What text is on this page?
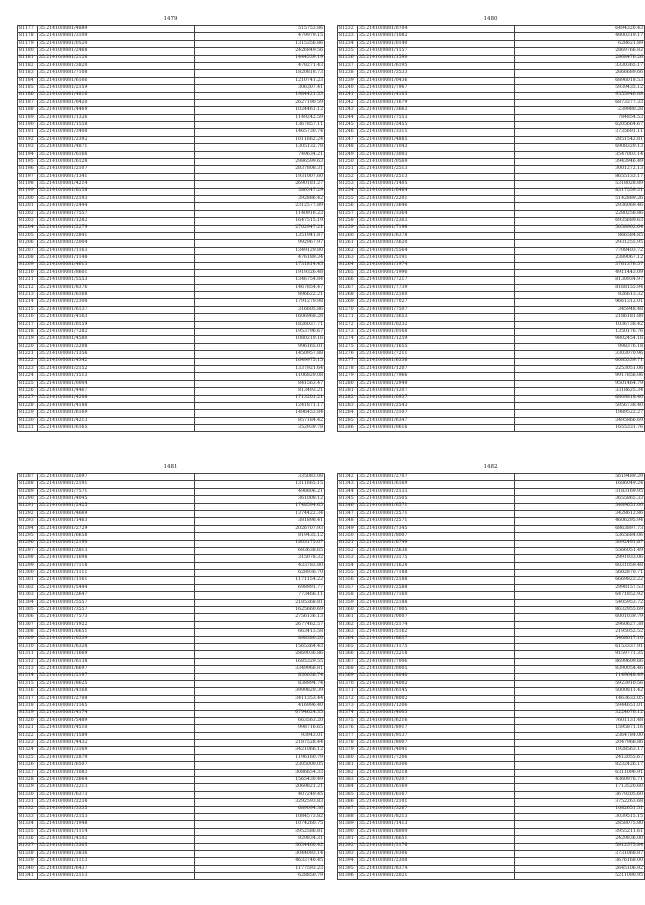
1479
81177	35.21410/0081/4889	515753.86
81178	35.21410/0081/3109	479979.15
81179	35.21410/0081/0520	1315356.86
81180	35.21410/0081/2468	2426849.56
81181	35.21410/0081/2128	1444339.19
81182	35.21410/0081/3820	478271.43
81183	35.21410/0081/7108	1820818.73
81184	35.21410/0081/6166	1210741.23
81185	35.21410/0081/2159	306307.41
81186	35.21410/0081/4816	1984421.33
81187	35.21410/0081/0420	2627190.59
81188	35.21410/0081/4469	1024461.12
81189	35.21410/0081/1326	1149242.59
81190	35.21410/0081/1558	1367857.11
81191	35.21410/0081/3408	1465730.74
81192	35.21410/0081/2392	1011662.24
81193	35.21410/0081/4871	1305132.78
81194	35.21410/0081/6166	749634.21
81195	35.21410/0081/6128	2986599.63
81196	35.21410/0081/2107	2837808.31
81197	35.21410/0081/1341	1931007.60
81198	35.21410/0081/4214	2690181.27
81199	35.21410/0081/6138	386347.29
81200	35.21410/0081/2193	392886.42
81201	35.21410/0081/2444	2312577.89
81202	35.21410/0081/7557	1140916.23
81203	35.21410/0081/1282	1647515.19
81204	35.21410/0081/2279	2702947.21
81205	35.21410/0081/2841	1351941.87
81206	35.21410/0081/2004	992967.97
81207	35.21410/0081/1163	1349129.80
81208	35.21410/0081/1148	476189.34
81209	35.21410/0081/4613	1731814.45
81210	35.21410/0081/8601	1919326.48
81211	35.21410/0081/5553	1346754.84
81212	35.21410/0081/8376	1467854.47
81213	35.21410/0081/6168	896622.21
81214	35.21410/0081/2308	1791279.98
81215	35.21410/0081/6137	316605.86
81216	35.21410/0081/4163	1606968.28
81217	35.21410/0081/0159	1826037.71
81218	35.21410/0081/7282	1953796.67
81219	35.21410/0081/4580	1080219.16
81220	35.21410/0081/2208	996165.01
81221	35.21410/0081/1356	1450957.88
81222	35.21410/0081/4342	1649975.15
81223	35.21410/0081/2152	1337921.64
81224	35.21410/0081/1513	1106829.08
81225	35.21410/0081/0004	841563.47
81226	35.21410/0081/4467	813493.21
81227	35.21410/0081/4208	1713201.21
81228	35.21410/0081/4188	1241871.17
81229	35.21410/0081/6169	1496453.84
81230	35.21410/0081/4213	857184.42
81231	35.21410/0081/6165	352939.78
1480
81232	35.21410/0081/0704	6494320.43
81233	35.21410/0081/1082	4800319.17
81234	35.21410/0081/0140	628621.89
81235	35.21410/0081/1157	2869766.82
81236	35.21410/0081/1590	2868476.26
81237	35.21410/0081/6195	3330365.17
81238	35.21410/0081/3533	2666689.66
81239	35.21410/0081/0436	6896018.53
81240	35.21410/0081/7967	5939435.12
81241	35.21410/0081/4105	9355946.88
81242	35.21410/0081/1679	6873277.33
81243	35.21410/0081/3663	239980.28
81244	35.21410/0081/7553	784854.53
81245	35.21410/0081/3455	6205664.67
81246	35.21410/0081/3315	3735691.11
81247	35.21410/0081/4885	2851542.81
81248	35.21410/0081/1043	6908329.13
81249	35.21410/0081/3003	3547003.14
81250	35.21410/0081/0569	3943946.49
81251	35.21410/0081/2513	3001272.13
81252	35.21410/0081/2513	8655133.17
81253	35.21410/0081/1405	5318028.89
81254	35.21410/0081/6464	8317559.31
81255	35.21410/0081/2201	5142889.26
81256	35.21410/0081/3646	2936069.46
81257	35.21410/0081/3364	2280258.86
81258	35.21410/0081/2363	6935689.63
81259	35.21410/0081/7196	5058902.64
81260	35.21410/0081/6378	866584.85
81261	35.21410/0081/3620	2931255.95
81262	35.21410/0081/5564	7708403.72
81263	35.21410/0081/5191	2389067.12
81264	35.21410/0081/1974	3761376.57
81265	35.21410/0081/1996	4911443.09
81266	35.21410/0081/7217	8130934.97
81267	35.21410/0081/7739	8168155.94
81268	35.21410/0081/2160	826613.32
81269	35.21410/0081/7027	9661312.01
81270	35.21410/0081/7507	345948.48
81271	35.21410/0081/3653	2186181.88
81272	35.21410/0081/0232	1036738.42
81273	35.21410/0081/0168	1350176.76
81274	35.21410/0081/1259	9802454.16
81275	35.21410/0081/1655	998376.18
81276	35.21410/0081/7211	3303070.96
81277	35.21410/0081/6336	6085339.71
81278	35.21410/0081/1207	2253051.06
81279	35.21410/0081/7966	9917856.06
81280	35.21410/0081/2949	9501464.79
81281	35.21410/0081/1207	3318625.34
81282	35.21410/0081/0937	6809818.40
81283	35.21410/0081/2543	5956738.40
81284	35.21410/0081/3107	1989522.27
81285	35.21410/0081/6347	3495866.69
81286	35.21410/0081/0616	1655331.76
1481
81287	35.21410/0081/2097	335083.08
81288	35.21410/0081/2191	1311665.15
81289	35.21410/0081/7571	498806.21
81290	35.21410/0081/4045	361008.12
81291	35.21410/0081/2425	1748594.65
81292	35.21410/0081/4669	1374422.34
81293	35.21410/0081/1463	381898.41
81294	35.21410/0081/2729	2026707.93
81295	35.21410/0081/6658	819435.12
81296	35.21410/0081/2190	1803175.07
81297	35.21410/0081/2813	683638.65
81298	35.21410/0081/1698	315078.32
81299	35.21410/0081/7118	433783.80
81300	35.21410/0081/1111	628936.70
81301	35.21410/0081/1161	1171154.22
81302	35.21410/0081/5444	698991.77
81303	35.21410/0081/2647	773466.11
81304	35.21410/0081/5557	2185368.81
81305	35.21410/0081/3557	1625660.69
81306	35.21410/0081/7573	2756136.13
81307	35.21410/0081/1922	2677462.57
81308	35.21410/0081/6651	663413.58
81309	35.21410/0081/6339	898380.20
81310	35.21410/0081/6328	1565364.43
81311	35.21410/0081/1669	2869036.86
81312	35.21410/0081/6138	1685329.55
81313	35.21410/0081/6697	3349968.81
81314	35.21410/0081/2197	830038.74
81315	35.21410/0081/8625	838994.74
81316	35.21410/0081/4168	3999829.39
81317	35.21410/0081/2708	3411353.44
81318	35.21410/0081/1165	416996.40
81319	35.21410/0081/4174	6794624.35
81320	35.21410/0081/5489	663563.20
81321	35.21410/0081/4510	998716.65
81322	35.21410/0081/1589	93943.01
81323	35.21410/0081/4432	2187528.44
81324	35.21410/0081/3169	3421066.12
81325	35.21410/0081/2879	1196160.79
81326	35.21410/0081/6507	2305000.05
81327	35.21410/0081/1083	3086654.33
81328	35.21410/0081/2664	1565430.49
81329	35.21410/0081/2213	2069821.21
81330	35.21410/0081/6373	407249.45
81331	35.21410/0081/2238	3292593.83
81332	35.21410/0081/3335	689094.36
81333	35.21410/0081/2153	1084573.82
81334	35.21410/0081/1948	1074260.75
81335	35.21410/0081/1114	3952586.81
81336	35.21410/0081/4102	929834.31
81337	35.21410/0081/3305	3634460.42
81338	35.21410/0081/3836	3044093.14
81339	35.21410/0081/1113	4633740.45
81340	35.21410/0081/6437	1177593.23
81341	35.21410/0081/2113	628850.79
1482
81342	35.21410/0081/2707	5619489.29
81343	35.21410/0081/6169	1686049.24
81344	35.21410/0081/2133	3183169.95
81345	35.21410/0081/3505	3655865.33
81346	35.21410/0081/6571	3489651.00
81347	35.21410/0081/2571	3428612.86
81348	35.21410/0081/2571	4606295.94
81349	35.21410/0081/7345	6863897.73
81350	35.21410/0081/8007	5365684.06
81351	35.21410/0081/6749	3092491.87
81352	35.21410/0081/2636	5566051.49
81353	35.21410/0081/3175	2991933.06
81354	35.21410/0081/1628	6031059.48
81355	35.21410/0081/7188	5602870.71
81356	35.21410/0081/2188	6669823.22
81357	35.21410/0081/2588	2998157.53
81358	35.21410/0081/7160	6471852.92
81359	35.21410/0081/2188	5405953.72
81360	35.21410/0081/7005	8632955.69
81361	35.21410/0081/0007	6001039.79
81362	35.21410/0081/2174	2960627.38
81363	35.21410/0081/5162	2195052.52
81364	35.21410/0081/8637	5408017.10
81365	35.21410/0081/1175	6153337.91
81366	35.21410/0081/2218	9159771.35
81367	35.21410/0081/7006	8699609.66
81368	35.21410/0081/0005	8390054.46
81369	35.21410/0081/8040	1149648.49
81370	35.21410/0081/4002	5923910.56
81371	35.21410/0081/6145	5000811.42
81372	35.21410/0081/8002	1463632.05
81373	35.21410/0081/1206	5944651.01
81374	35.21410/0081/4003	3224076.12
81375	35.21410/0081/6216	7601131.48
81376	35.21410/0081/8917	1595871.16
81377	35.21410/0081/9137	2364784.00
81378	35.21410/0081/8007	2047966.86
81379	35.21410/0081/4041	1928563.17
81380	35.21410/0081/7206	2412055.67
81381	35.21410/0081/0306	8232426.17
81382	35.21410/0081/0218	6311096.91
81383	35.21410/0081/0207	4360976.71
81384	35.21410/0081/6169	1713520.60
81385	35.21410/0081/6167	3679205.60
81386	35.21410/0081/2101	3752263.68
81387	35.21410/0081/3267	1082651.51
81388	35.21410/0081/8213	3039515.15
81389	35.21410/0081/1413	2858075.80
81390	35.21410/0081/8009	3955211.61
81391	35.21410/0081/6651	2429836.00
81392	35.21410/0081/3176	5912575.84
81393	35.21410/0081/0306	3731068.87
81394	35.21410/0081/2308	3676168.00
81395	35.21410/0081/8374	2645106.92
81396	35.21410/0081/2021	5211090.95
